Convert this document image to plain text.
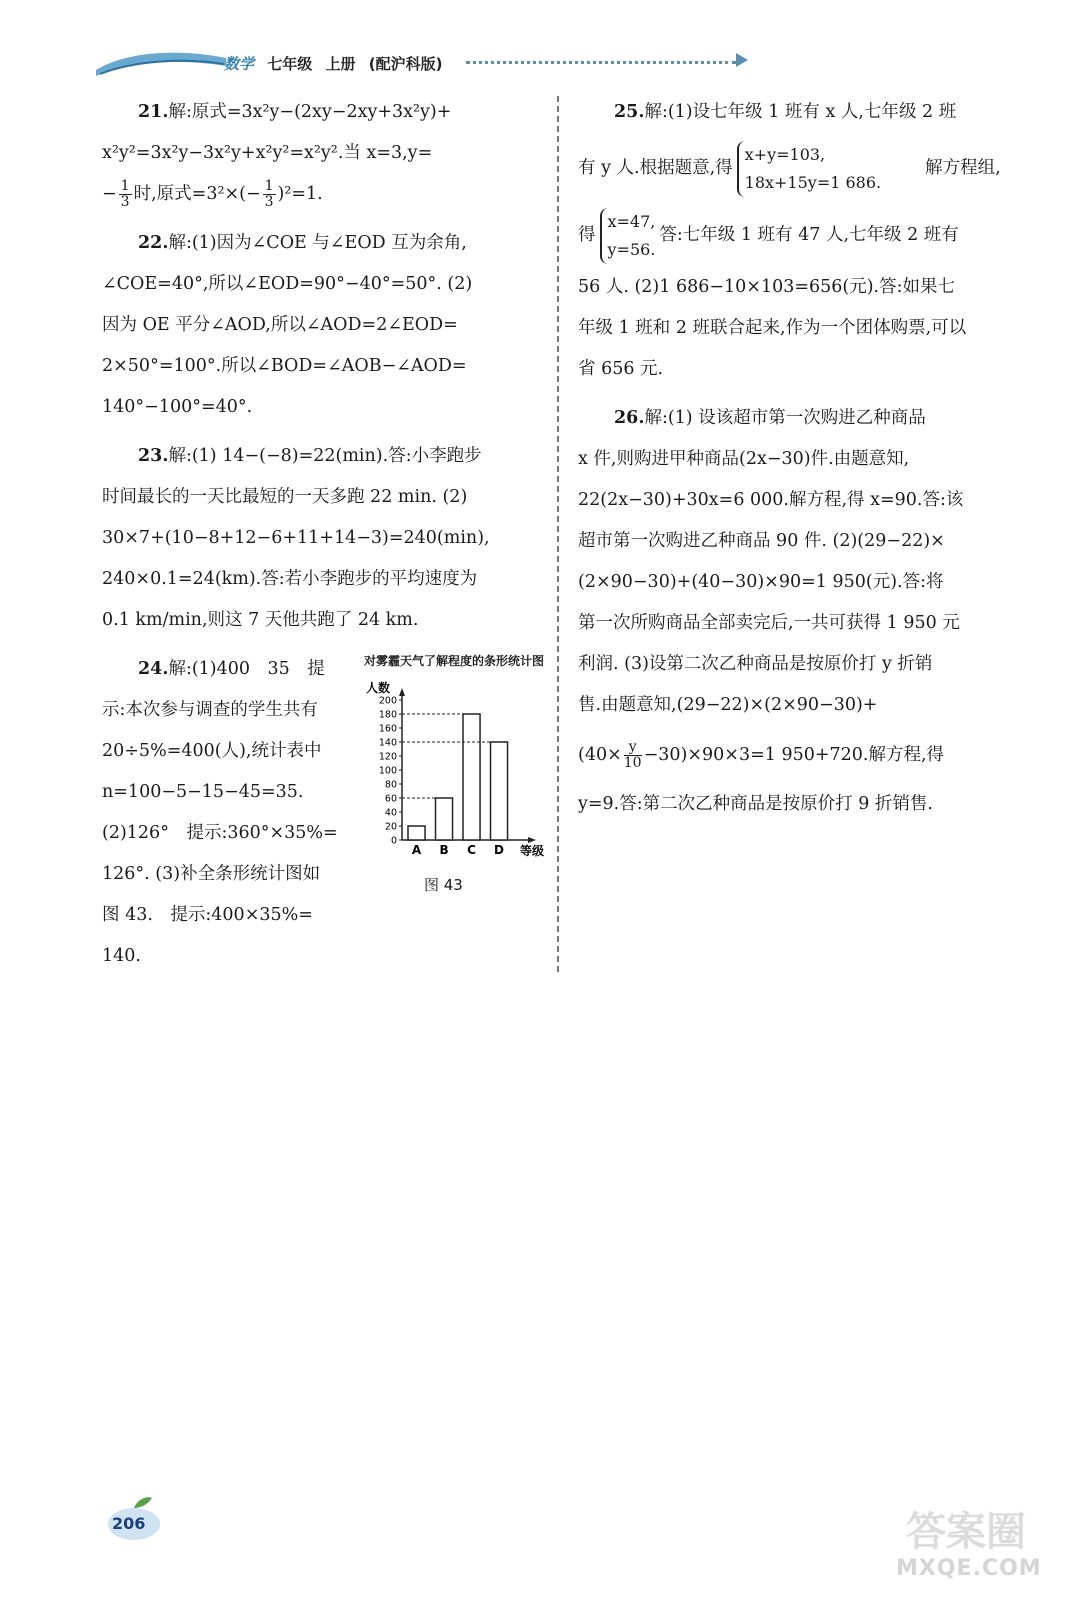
数学 七年级 上册 (配沪科版)

21.解:原式=3x²y−(2xy−2xy+3x²y)+

x²y²=3x²y−3x²y+x²y²=x²y².当 x=3,y=

− $\frac{1}{3}$ 时,原式$=3^2\times(- \frac{1}{3} )^2=1$.

22.解:(1)因为∠COE 与∠EOD 互为余角,

∠COE=40°,所以∠EOD=90°−40°=50°. (2)

因为 OE 平分∠AOD,所以∠AOD=2∠EOD=

2×50°=100°.所以∠BOD=∠AOB−∠AOD=

140°−100°=40°.

23.解:(1) 14−(−8)=22(min).答:小李跑步

时间最长的一天比最短的一天多跑 22 min. (2)

30×7+(10−8+12−6+11+14−3)=240(min),

240×0.1=24(km).答:若小李跑步的平均速度为

0.1 km/min,则这 7 天他共跑了 24 km.

24.解:(1)400　35　提

示:本次参与调查的学生共有

20÷5%=400(人),统计表中

n=100−5−15−45=35.

(2)126°　提示:360°×35%=

126°. (3)补全条形统计图如

图 43.　提示:400×35%=

140.

对雾霾天气了解程度的条形统计图
人数
0
20
40
60
80
100
120
140
160
180
200
A B C D 等级
图 43

25.解:(1)设七年级 1 班有 x 人,七年级 2 班

有 y 人.根据题意,得
x+y=103,
18x+15y=1 686.
解方程组,

得
x=47,
y=56.
答:七年级 1 班有 47 人,七年级 2 班有

56 人. (2)1 686−10×103=656(元).答:如果七

年级 1 班和 2 班联合起来,作为一个团体购票,可以

省 656 元.

26.解:(1) 设该超市第一次购进乙种商品

x 件,则购进甲种商品(2x−30)件.由题意知,

22(2x−30)+30x=6 000.解方程,得 x=90.答:该

超市第一次购进乙种商品 90 件. (2)(29−22)×

(2×90−30)+(40−30)×90=1 950(元).答:将

第一次所购商品全部卖完后,一共可获得 1 950 元

利润. (3)设第二次乙种商品是按原价打 y 折销

售.由题意知,(29−22)×(2×90−30)+

$(40\times \frac{y}{10} -30)\times 90\times 3=1$ 950+720.解方程,得

y=9.答:第二次乙种商品是按原价打 9 折销售.

206	答案圈
MXQE.COM
